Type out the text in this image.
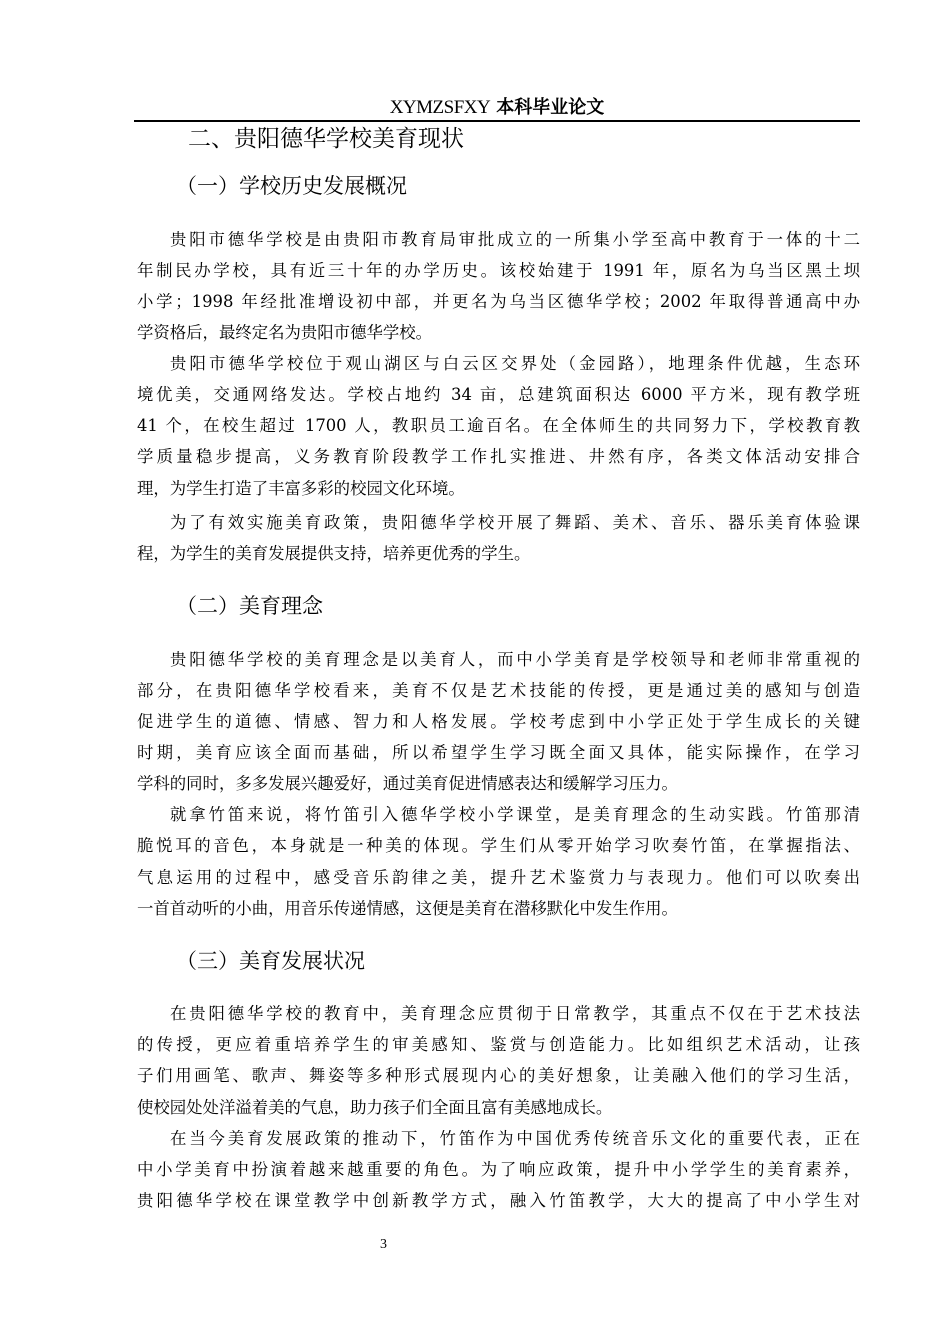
XYMZSFXY 本科毕业论文
二、贵阳德华学校美育现状
（一）学校历史发展概况
贵阳市德华学校是由贵阳市教育局审批成立的一所集小学至高中教育于一体的十二
年制民办学校，具有近三十年的办学历史。该校始建于 1991 年，原名为乌当区黑土坝
小学；1998 年经批准增设初中部，并更名为乌当区德华学校；2002 年取得普通高中办
学资格后，最终定名为贵阳市德华学校。
贵阳市德华学校位于观山湖区与白云区交界处（金园路），地理条件优越，生态环
境优美，交通网络发达。学校占地约 34 亩，总建筑面积达 6000 平方米，现有教学班
41 个，在校生超过 1700 人，教职员工逾百名。在全体师生的共同努力下，学校教育教
学质量稳步提高，义务教育阶段教学工作扎实推进、井然有序，各类文体活动安排合
理，为学生打造了丰富多彩的校园文化环境。
为了有效实施美育政策，贵阳德华学校开展了舞蹈、美术、音乐、器乐美育体验课
程，为学生的美育发展提供支持，培养更优秀的学生。
（二）美育理念
贵阳德华学校的美育理念是以美育人，而中小学美育是学校领导和老师非常重视的
部分，在贵阳德华学校看来，美育不仅是艺术技能的传授，更是通过美的感知与创造
促进学生的道德、情感、智力和人格发展。学校考虑到中小学正处于学生成长的关键
时期，美育应该全面而基础，所以希望学生学习既全面又具体，能实际操作，在学习
学科的同时，多多发展兴趣爱好，通过美育促进情感表达和缓解学习压力。
就拿竹笛来说，将竹笛引入德华学校小学课堂，是美育理念的生动实践。竹笛那清
脆悦耳的音色，本身就是一种美的体现。学生们从零开始学习吹奏竹笛，在掌握指法、
气息运用的过程中，感受音乐韵律之美，提升艺术鉴赏力与表现力。他们可以吹奏出
一首首动听的小曲，用音乐传递情感，这便是美育在潜移默化中发生作用。
（三）美育发展状况
在贵阳德华学校的教育中，美育理念应贯彻于日常教学，其重点不仅在于艺术技法
的传授，更应着重培养学生的审美感知、鉴赏与创造能力。比如组织艺术活动，让孩
子们用画笔、歌声、舞姿等多种形式展现内心的美好想象，让美融入他们的学习生活，
使校园处处洋溢着美的气息，助力孩子们全面且富有美感地成长。
在当今美育发展政策的推动下，竹笛作为中国优秀传统音乐文化的重要代表，正在
中小学美育中扮演着越来越重要的角色。为了响应政策，提升中小学学生的美育素养，
贵阳德华学校在课堂教学中创新教学方式，融入竹笛教学，大大的提高了中小学生对
3
